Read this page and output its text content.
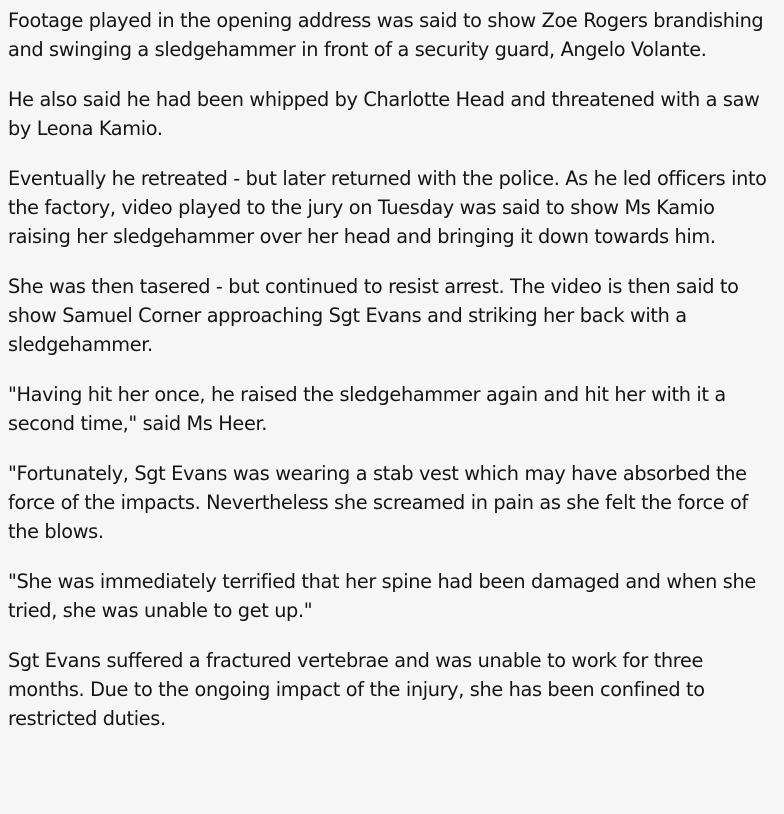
Footage played in the opening address was said to show Zoe Rogers brandishing and swinging a sledgehammer in front of a security guard, Angelo Volante.

He also said he had been whipped by Charlotte Head and threatened with a saw by Leona Kamio.

Eventually he retreated - but later returned with the police. As he led officers into the factory, video played to the jury on Tuesday was said to show Ms Kamio raising her sledgehammer over her head and bringing it down towards him.

She was then tasered - but continued to resist arrest. The video is then said to show Samuel Corner approaching Sgt Evans and striking her back with a sledgehammer.

"Having hit her once, he raised the sledgehammer again and hit her with it a second time," said Ms Heer.

"Fortunately, Sgt Evans was wearing a stab vest which may have absorbed the force of the impacts. Nevertheless she screamed in pain as she felt the force of the blows.

"She was immediately terrified that her spine had been damaged and when she tried, she was unable to get up."

Sgt Evans suffered a fractured vertebrae and was unable to work for three months. Due to the ongoing impact of the injury, she has been confined to restricted duties.
